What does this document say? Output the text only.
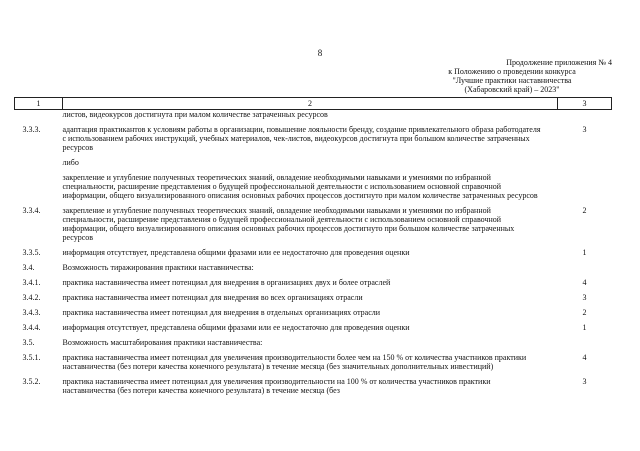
8
Продолжение приложения № 4
к Положению о проведении конкурса
"Лучшие практики наставничества
(Хабаровский край) – 2023"
1	2	3
	листов, видеокурсов достигнута при малом количестве затраченных ресурсов	

3.3.3.	адаптация практикантов к условиям работы в организации, повышение лояльности бренду, создание привлекательного образа работодателя с использованием рабочих инструкций, учебных материалов, чек-листов, видеокурсов достигнута при большом количестве затраченных ресурсов	3
	либо	
	закрепление и углубление полученных теоретических знаний, овладение необходимыми навыками и умениями по избранной специальности, расширение представления о будущей профессиональной деятельности с использованием основной справочной информации, общего визуализированного описания основных рабочих процессов достигнуто при малом количестве затраченных ресурсов	
3.3.4.	закрепление и углубление полученных теоретических знаний, овладение необходимыми навыками и умениями по избранной специальности, расширение представления о будущей профессиональной деятельности с использованием основной справочной информации, общего визуализированного описания основных рабочих процессов достигнуто при большом количестве затраченных ресурсов	2
3.3.5.	информация отсутствует, представлена общими фразами или ее недостаточно для проведения оценки	1
3.4.	Возможность тиражирования практики наставничества:	
3.4.1.	практика наставничества имеет потенциал для внедрения в организациях двух и более отраслей	4
3.4.2.	практика наставничества имеет потенциал для внедрения во всех организациях отрасли	3
3.4.3.	практика наставничества имеет потенциал для внедрения в отдельных организациях отрасли	2
3.4.4.	информация отсутствует, представлена общими фразами или ее недостаточно для проведения оценки	1
3.5.	Возможность масштабирования практики наставничества:	
3.5.1.	практика наставничества имеет потенциал для увеличения производительности более чем на 150 % от количества участников практики наставничества (без потери качества конечного результата) в течение месяца (без значительных дополнительных инвестиций)	4
3.5.2.	практика наставничества имеет потенциал для увеличения производительности на 100 % от количества участников практики наставничества (без потери качества конечного результата) в течение месяца (без	3
